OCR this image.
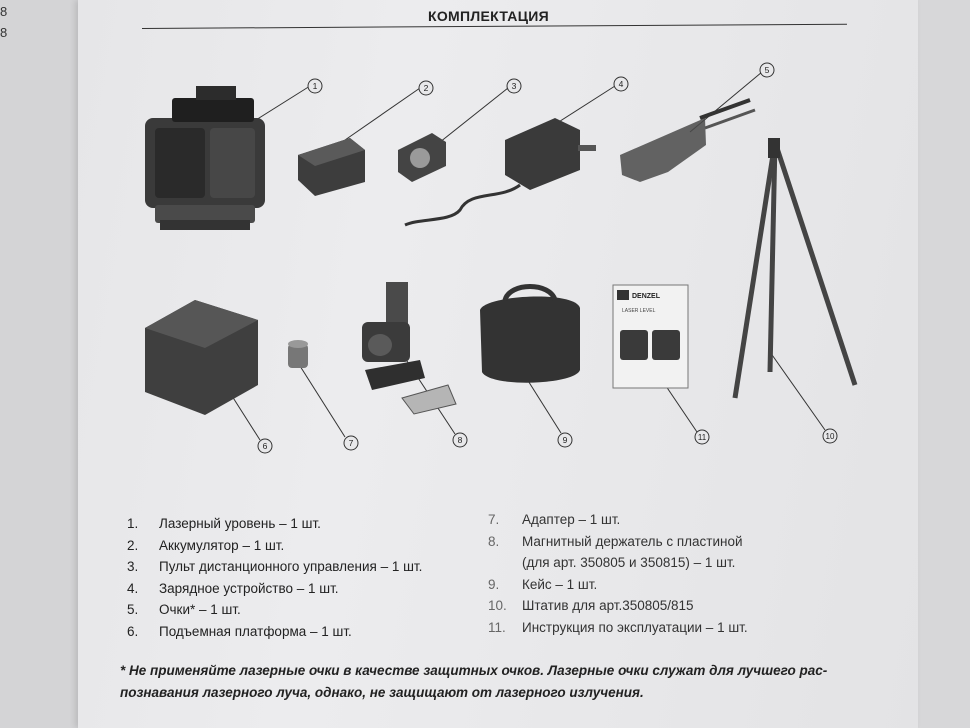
8
8
КОМПЛЕКТАЦИЯ
DENZEL
LASER LEVEL
1	2	3	4
5
6	7	8	9	11	10
1.	Лазерный уровень – 1 шт.
2.	Аккумулятор – 1 шт.
3.	Пульт дистанционного управления – 1 шт.
4.	Зарядное устройство – 1 шт.
5.	Очки* – 1 шт.
6.	Подъемная платформа – 1 шт.
7.	Адаптер – 1 шт.
8.	Магнитный держатель с пластиной
(для арт. 350805 и 350815) – 1 шт.
9.	Кейс – 1 шт.
10.	Штатив для арт.350805/815
11.	Инструкция по эксплуатации – 1 шт.
* Не применяйте лазерные очки в качестве защитных очков. Лазерные очки служат для лучшего рас-
познавания лазерного луча, однако, не защищают от лазерного излучения.
